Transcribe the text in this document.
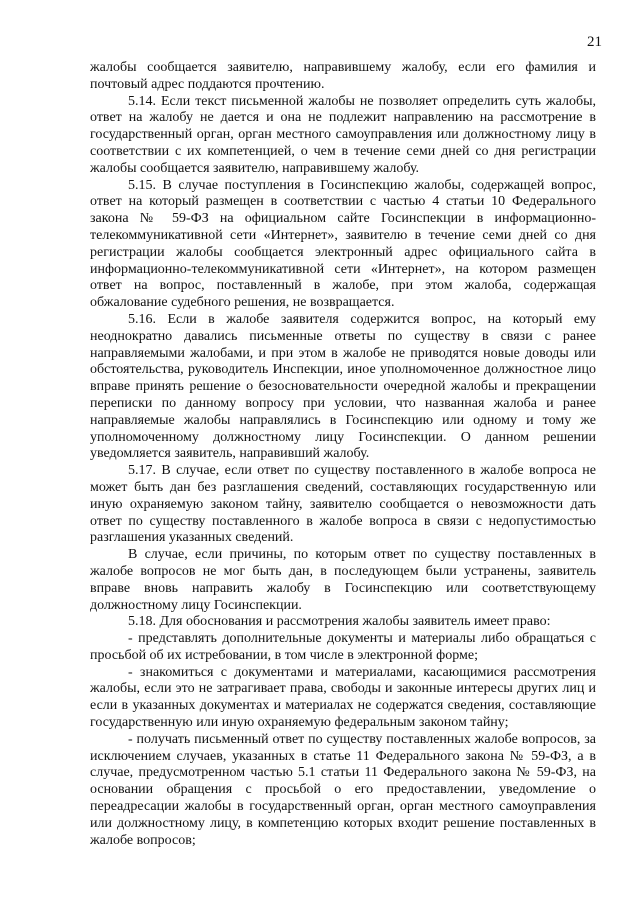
21

жалобы сообщается заявителю, направившему жалобу, если его фамилия и почтовый адрес поддаются прочтению.

5.14. Если текст письменной жалобы не позволяет определить суть жалобы, ответ на жалобу не дается и она не подлежит направлению на рассмотрение в государственный орган, орган местного самоуправления или должностному лицу в соответствии с их компетенцией, о чем в течение семи дней со дня регистрации жалобы сообщается заявителю, направившему жалобу.

5.15. В случае поступления в Госинспекцию жалобы, содержащей вопрос, ответ на который размещен в соответствии с частью 4 статьи 10 Федерального закона № 59-ФЗ на официальном сайте Госинспекции в информационно-телекоммуникативной сети «Интернет», заявителю в течение семи дней со дня регистрации жалобы сообщается электронный адрес официального сайта в информационно-телекоммуникативной сети «Интернет», на котором размещен ответ на вопрос, поставленный в жалобе, при этом жалоба, содержащая обжалование судебного решения, не возвращается.

5.16. Если в жалобе заявителя содержится вопрос, на который ему неоднократно давались письменные ответы по существу в связи с ранее направляемыми жалобами, и при этом в жалобе не приводятся новые доводы или обстоятельства, руководитель Инспекции, иное уполномоченное должностное лицо вправе принять решение о безосновательности очередной жалобы и прекращении переписки по данному вопросу при условии, что названная жалоба и ранее направляемые жалобы направлялись в Госинспекцию или одному и тому же уполномоченному должностному лицу Госинспекции. О данном решении уведомляется заявитель, направивший жалобу.

5.17. В случае, если ответ по существу поставленного в жалобе вопроса не может быть дан без разглашения сведений, составляющих государственную или иную охраняемую законом тайну, заявителю сообщается о невозможности дать ответ по существу поставленного в жалобе вопроса в связи с недопустимостью разглашения указанных сведений.

В случае, если причины, по которым ответ по существу поставленных в жалобе вопросов не мог быть дан, в последующем были устранены, заявитель вправе вновь направить жалобу в Госинспекцию или соответствующему должностному лицу Госинспекции.

5.18. Для обоснования и рассмотрения жалобы заявитель имеет право:

- представлять дополнительные документы и материалы либо обращаться с просьбой об их истребовании, в том числе в электронной форме;

- знакомиться с документами и материалами, касающимися рассмотрения жалобы, если это не затрагивает права, свободы и законные интересы других лиц и если в указанных документах и материалах не содержатся сведения, составляющие государственную или иную охраняемую федеральным законом тайну;

- получать письменный ответ по существу поставленных жалобе вопросов, за исключением случаев, указанных в статье 11 Федерального закона № 59-ФЗ, а в случае, предусмотренном частью 5.1 статьи 11 Федерального закона № 59-ФЗ, на основании обращения с просьбой о его предоставлении, уведомление о переадресации жалобы в государственный орган, орган местного самоуправления или должностному лицу, в компетенцию которых входит решение поставленных в жалобе вопросов;
